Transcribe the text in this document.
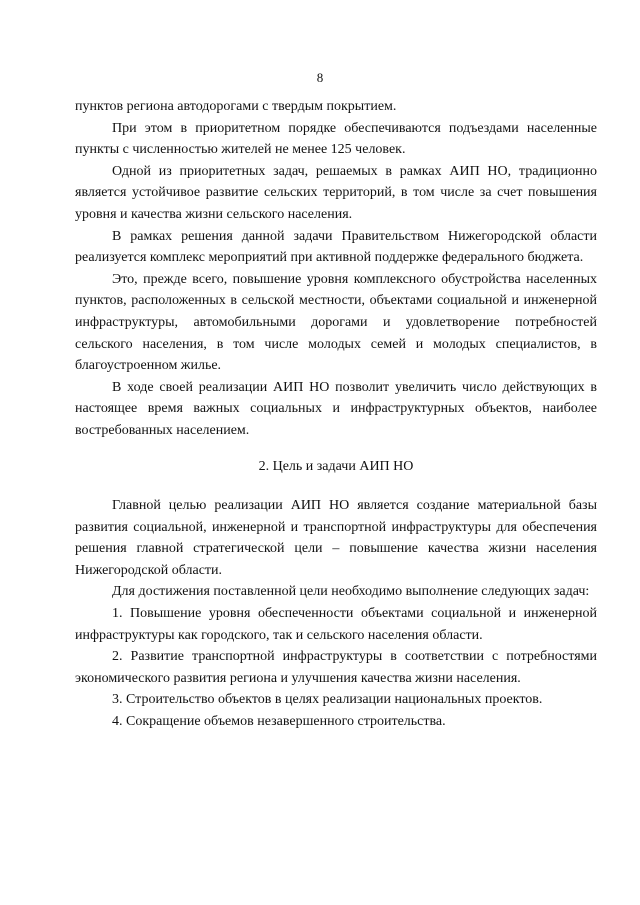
8

пунктов региона автодорогами с твердым покрытием.

При этом в приоритетном порядке обеспечиваются подъездами населенные пункты с численностью жителей не менее 125 человек.

Одной из приоритетных задач, решаемых в рамках АИП НО, традиционно является устойчивое развитие сельских территорий, в том числе за счет повышения уровня и качества жизни сельского населения.

В рамках решения данной задачи Правительством Нижегородской области реализуется комплекс мероприятий при активной поддержке федерального бюджета.

Это, прежде всего, повышение уровня комплексного обустройства населенных пунктов, расположенных в сельской местности, объектами социальной и инженерной инфраструктуры, автомобильными дорогами и удовлетворение потребностей сельского населения, в том числе молодых семей и молодых специалистов, в благоустроенном жилье.

В ходе своей реализации АИП НО позволит увеличить число действующих в настоящее время важных социальных и инфраструктурных объектов, наиболее востребованных населением.

2. Цель и задачи АИП НО

Главной целью реализации АИП НО является создание материальной базы развития социальной, инженерной и транспортной инфраструктуры для обеспечения решения главной стратегической цели – повышение качества жизни населения Нижегородской области.

Для достижения поставленной цели необходимо выполнение следующих задач:

1. Повышение уровня обеспеченности объектами социальной и инженерной инфраструктуры как городского, так и сельского населения области.

2. Развитие транспортной инфраструктуры в соответствии с потребностями экономического развития региона и улучшения качества жизни населения.

3. Строительство объектов в целях реализации национальных проектов.

4. Сокращение объемов незавершенного строительства.
